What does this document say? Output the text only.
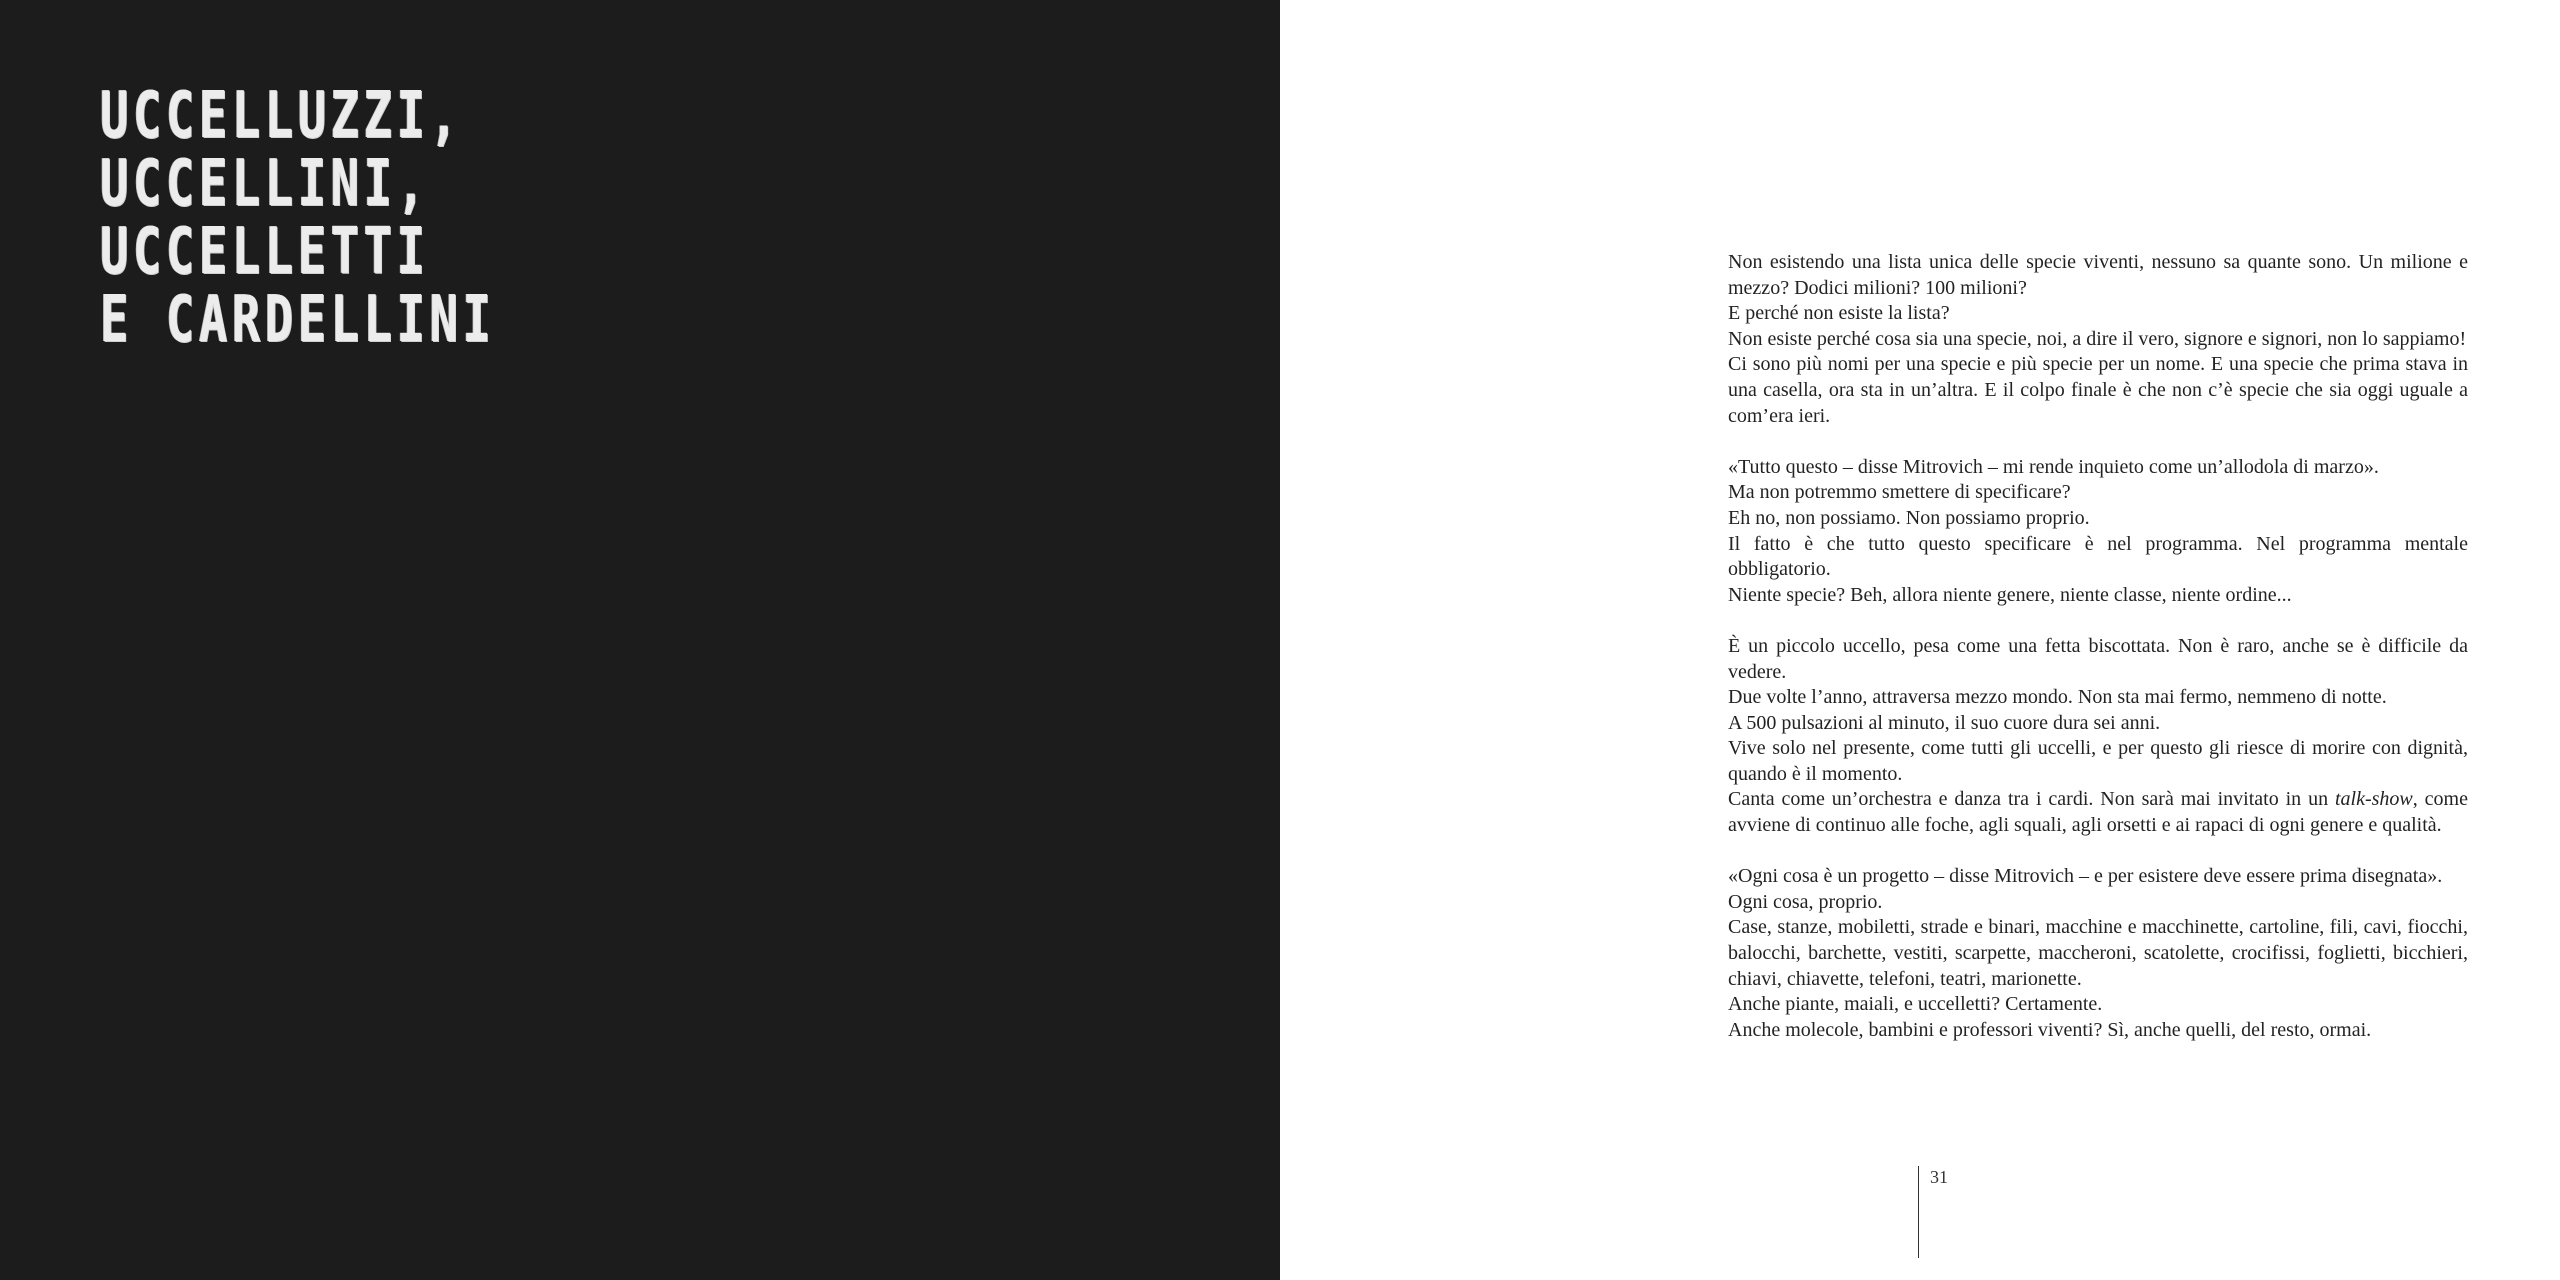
UCCELLUZZI,
UCCELLINI,
UCCELLETTI
E CARDELLINI

Non esistendo una lista unica delle specie viventi, nessuno sa quante sono. Un milione e mezzo? Dodici milioni? 100 milioni?

E perché non esiste la lista?

Non esiste perché cosa sia una specie, noi, a dire il vero, signore e signori, non lo sappiamo!

Ci sono più nomi per una specie e più specie per un nome. E una specie che prima stava in una casella, ora sta in un’altra. E il colpo finale è che non c’è specie che sia oggi uguale a com’era ieri.

«Tutto questo – disse Mitrovich – mi rende inquieto come un’allodola di marzo».

Ma non potremmo smettere di specificare?

Eh no, non possiamo. Non possiamo proprio.

Il fatto è che tutto questo specificare è nel programma. Nel programma mentale obbligatorio.

Niente specie? Beh, allora niente genere, niente classe, niente ordine...

È un piccolo uccello, pesa come una fetta biscottata. Non è raro, anche se è difficile da vedere.

Due volte l’anno, attraversa mezzo mondo. Non sta mai fermo, nemmeno di notte.

A 500 pulsazioni al minuto, il suo cuore dura sei anni.

Vive solo nel presente, come tutti gli uccelli, e per questo gli riesce di morire con dignità, quando è il momento.

Canta come un’orchestra e danza tra i cardi. Non sarà mai invitato in un talk-show, come avviene di continuo alle foche, agli squali, agli orsetti e ai rapaci di ogni genere e qualità.

«Ogni cosa è un progetto – disse Mitrovich – e per esistere deve essere prima disegnata».

Ogni cosa, proprio.

Case, stanze, mobiletti, strade e binari, macchine e macchinette, cartoline, fili, cavi, fiocchi, balocchi, barchette, vestiti, scarpette, maccheroni, scatolette, crocifissi, foglietti, bicchieri, chiavi, chiavette, telefoni, teatri, marionette.

Anche piante, maiali, e uccelletti? Certamente.

Anche molecole, bambini e professori viventi? Sì, anche quelli, del resto, ormai.

31
